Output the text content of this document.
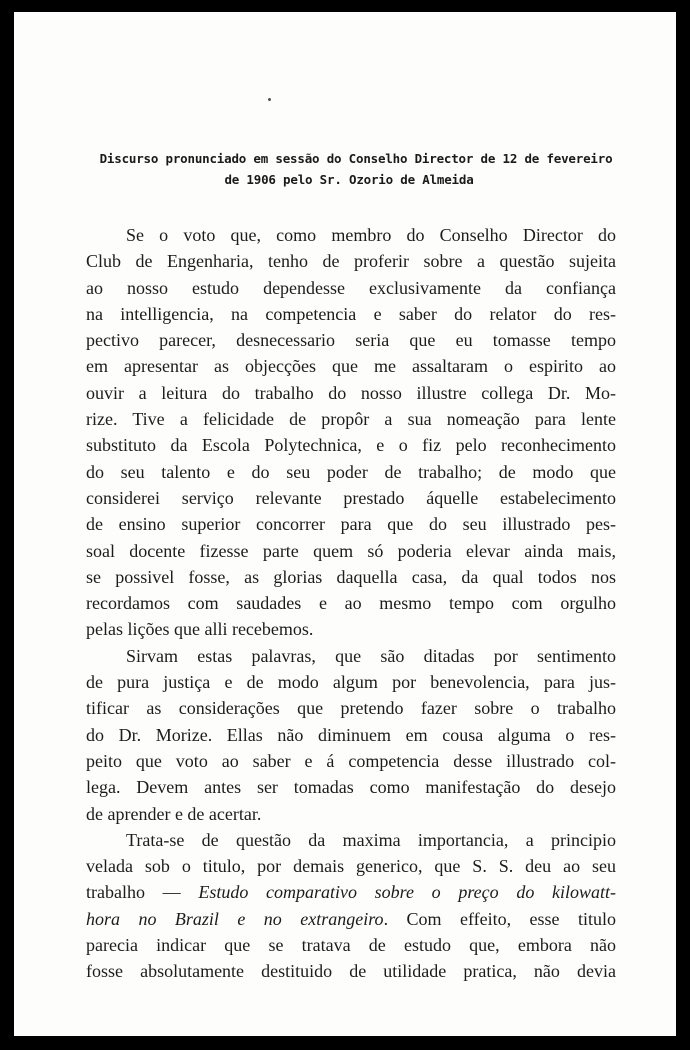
Discurso pronunciado em sessão do Conselho Director de 12 de fevereiro
de 1906 pelo Sr. Ozorio de Almeida
Se o voto que, como membro do Conselho Director do
Club de Engenharia, tenho de proferir sobre a questão sujeita
ao nosso estudo dependesse exclusivamente da confiança
na intelligencia, na competencia e saber do relator do res-
pectivo parecer, desnecessario seria que eu tomasse tempo
em apresentar as objecções que me assaltaram o espirito ao
ouvir a leitura do trabalho do nosso illustre collega Dr. Mo-
rize. Tive a felicidade de propôr a sua nomeação para lente
substituto da Escola Polytechnica, e o fiz pelo reconhecimento
do seu talento e do seu poder de trabalho; de modo que
considerei serviço relevante prestado áquelle estabelecimento
de ensino superior concorrer para que do seu illustrado pes-
soal docente fizesse parte quem só poderia elevar ainda mais,
se possivel fosse, as glorias daquella casa, da qual todos nos
recordamos com saudades e ao mesmo tempo com orgulho
pelas lições que alli recebemos.
Sirvam estas palavras, que são ditadas por sentimento
de pura justiça e de modo algum por benevolencia, para jus-
tificar as considerações que pretendo fazer sobre o trabalho
do Dr. Morize. Ellas não diminuem em cousa alguma o res-
peito que voto ao saber e á competencia desse illustrado col-
lega. Devem antes ser tomadas como manifestação do desejo
de aprender e de acertar.
Trata-se de questão da maxima importancia, a principio
velada sob o titulo, por demais generico, que S. S. deu ao seu
trabalho — Estudo comparativo sobre o preço do kilowatt-
hora no Brazil e no extrangeiro. Com effeito, esse titulo
parecia indicar que se tratava de estudo que, embora não
fosse absolutamente destituido de utilidade pratica, não devia
